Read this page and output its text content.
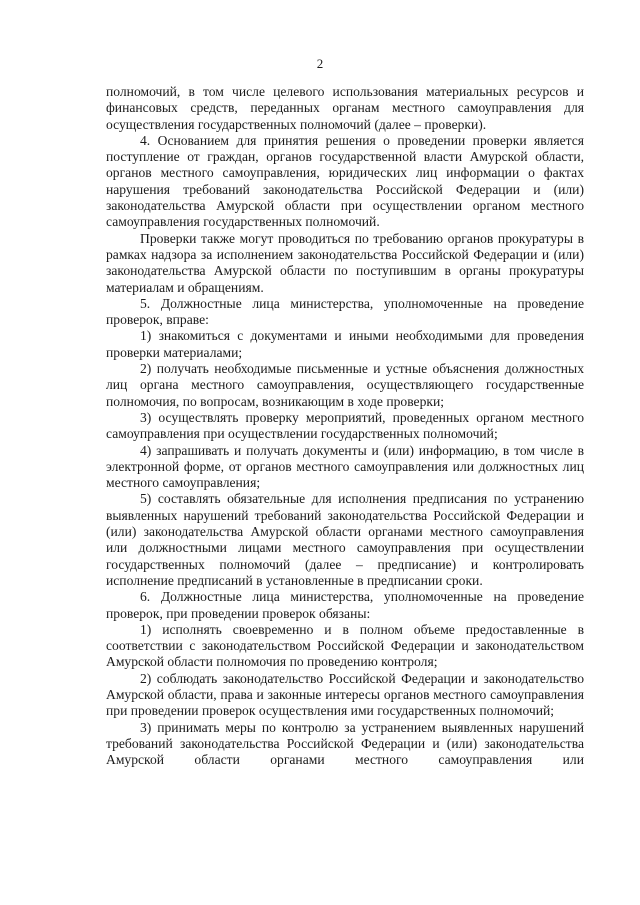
2

полномочий, в том числе целевого использования материальных ресурсов и финансовых средств, переданных органам местного самоуправления для осуществления государственных полномочий (далее – проверки).

4. Основанием для принятия решения о проведении проверки является поступление от граждан, органов государственной власти Амурской области, органов местного самоуправления, юридических лиц информации о фактах нарушения требований законодательства Российской Федерации и (или) законодательства Амурской области при осуществлении органом местного самоуправления государственных полномочий.

Проверки также могут проводиться по требованию органов прокуратуры в рамках надзора за исполнением законодательства Российской Федерации и (или) законодательства Амурской области по поступившим в органы прокуратуры материалам и обращениям.

5. Должностные лица министерства, уполномоченные на проведение проверок, вправе:

1) знакомиться с документами и иными необходимыми для проведения проверки материалами;

2) получать необходимые письменные и устные объяснения должностных лиц органа местного самоуправления, осуществляющего государственные полномочия, по вопросам, возникающим в ходе проверки;

3) осуществлять проверку мероприятий, проведенных органом местного самоуправления при осуществлении государственных полномочий;

4) запрашивать и получать документы и (или) информацию, в том числе в электронной форме, от органов местного самоуправления или должностных лиц местного самоуправления;

5) составлять обязательные для исполнения предписания по устранению выявленных нарушений требований законодательства Российской Федерации и (или) законодательства Амурской области органами местного самоуправления или должностными лицами местного самоуправления при осуществлении государственных полномочий (далее – предписание) и контролировать исполнение предписаний в установленные в предписании сроки.

6. Должностные лица министерства, уполномоченные на проведение проверок, при проведении проверок обязаны:

1) исполнять своевременно и в полном объеме предоставленные в соответствии с законодательством Российской Федерации и законодательством Амурской области полномочия по проведению контроля;

2) соблюдать законодательство Российской Федерации и законодательство Амурской области, права и законные интересы органов местного самоуправления при проведении проверок осуществления ими государственных полномочий;

3) принимать меры по контролю за устранением выявленных нарушений требований законодательства Российской Федерации и (или) законодательства Амурской области органами местного самоуправления или
